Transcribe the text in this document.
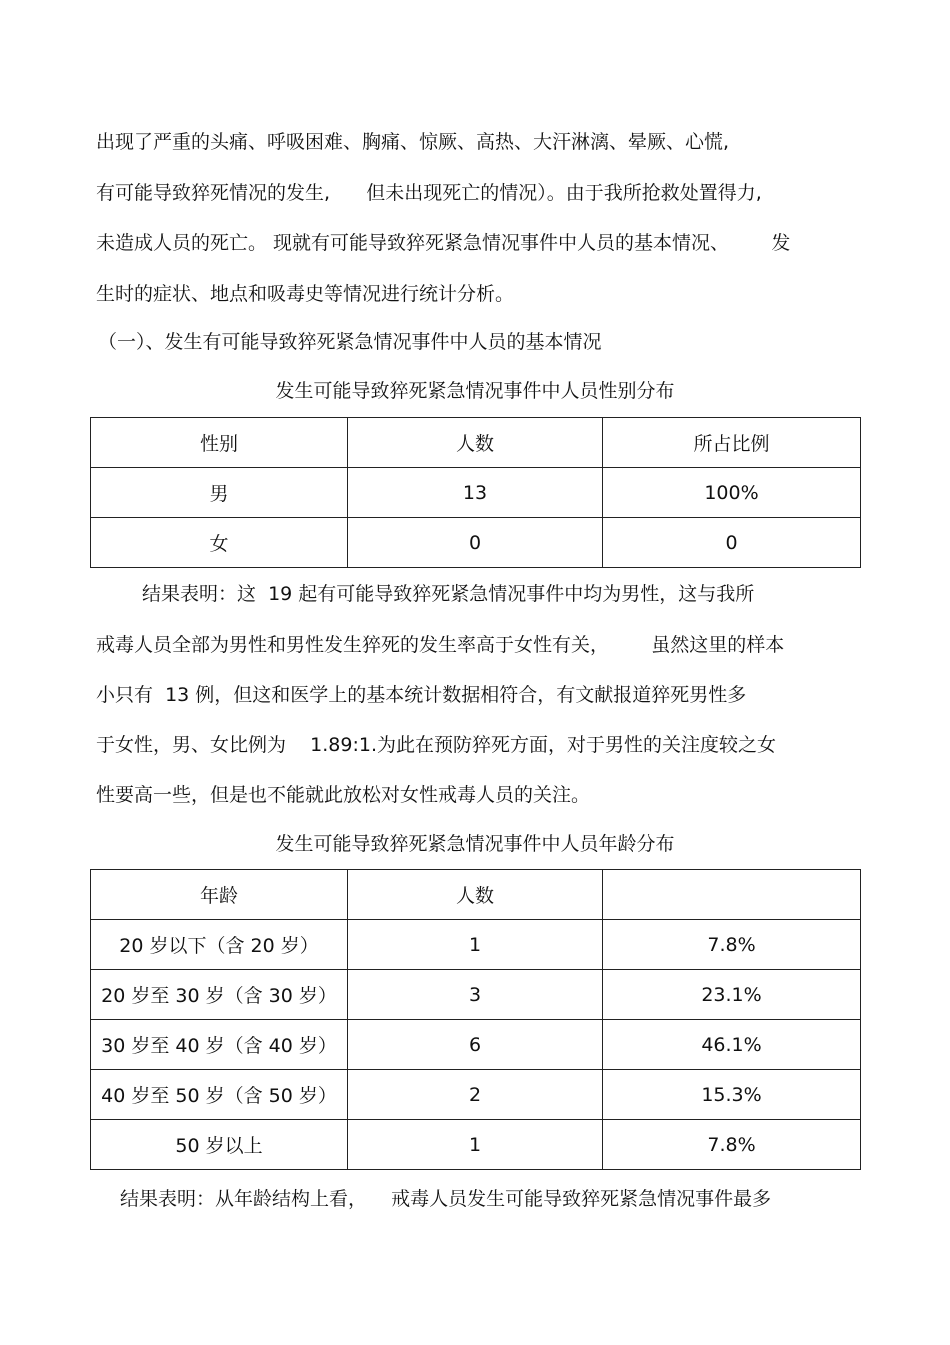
出现了严重的头痛、呼吸困难、胸痛、惊厥、高热、大汗淋漓、晕厥、心慌,
有可能导致猝死情况的发生,      但未出现死亡的情况）。由于我所抢救处置得力,
未造成人员的死亡。 现就有可能导致猝死紧急情况事件中人员的基本情况、       发
生时的症状、地点和吸毒史等情况进行统计分析。
（一）、发生有可能导致猝死紧急情况事件中人员的基本情况
发生可能导致猝死紧急情况事件中人员性别分布
性别	人数	所占比例
男	13	100%
女	0	0
结果表明：这  19 起有可能导致猝死紧急情况事件中均为男性，这与我所
戒毒人员全部为男性和男性发生猝死的发生率高于女性有关，       虽然这里的样本
小只有  13 例，但这和医学上的基本统计数据相符合，有文献报道猝死男性多
于女性，男、女比例为    1.89:1.为此在预防猝死方面，对于男性的关注度较之女
性要高一些，但是也不能就此放松对女性戒毒人员的关注。
发生可能导致猝死紧急情况事件中人员年龄分布
年龄	人数	
20 岁以下（含 20 岁）	1	7.8%
20 岁至 30 岁（含 30 岁）	3	23.1%
30 岁至 40 岁（含 40 岁）	6	46.1%
40 岁至 50 岁（含 50 岁）	2	15.3%
50 岁以上	1	7.8%
结果表明：从年龄结构上看，    戒毒人员发生可能导致猝死紧急情况事件最多
